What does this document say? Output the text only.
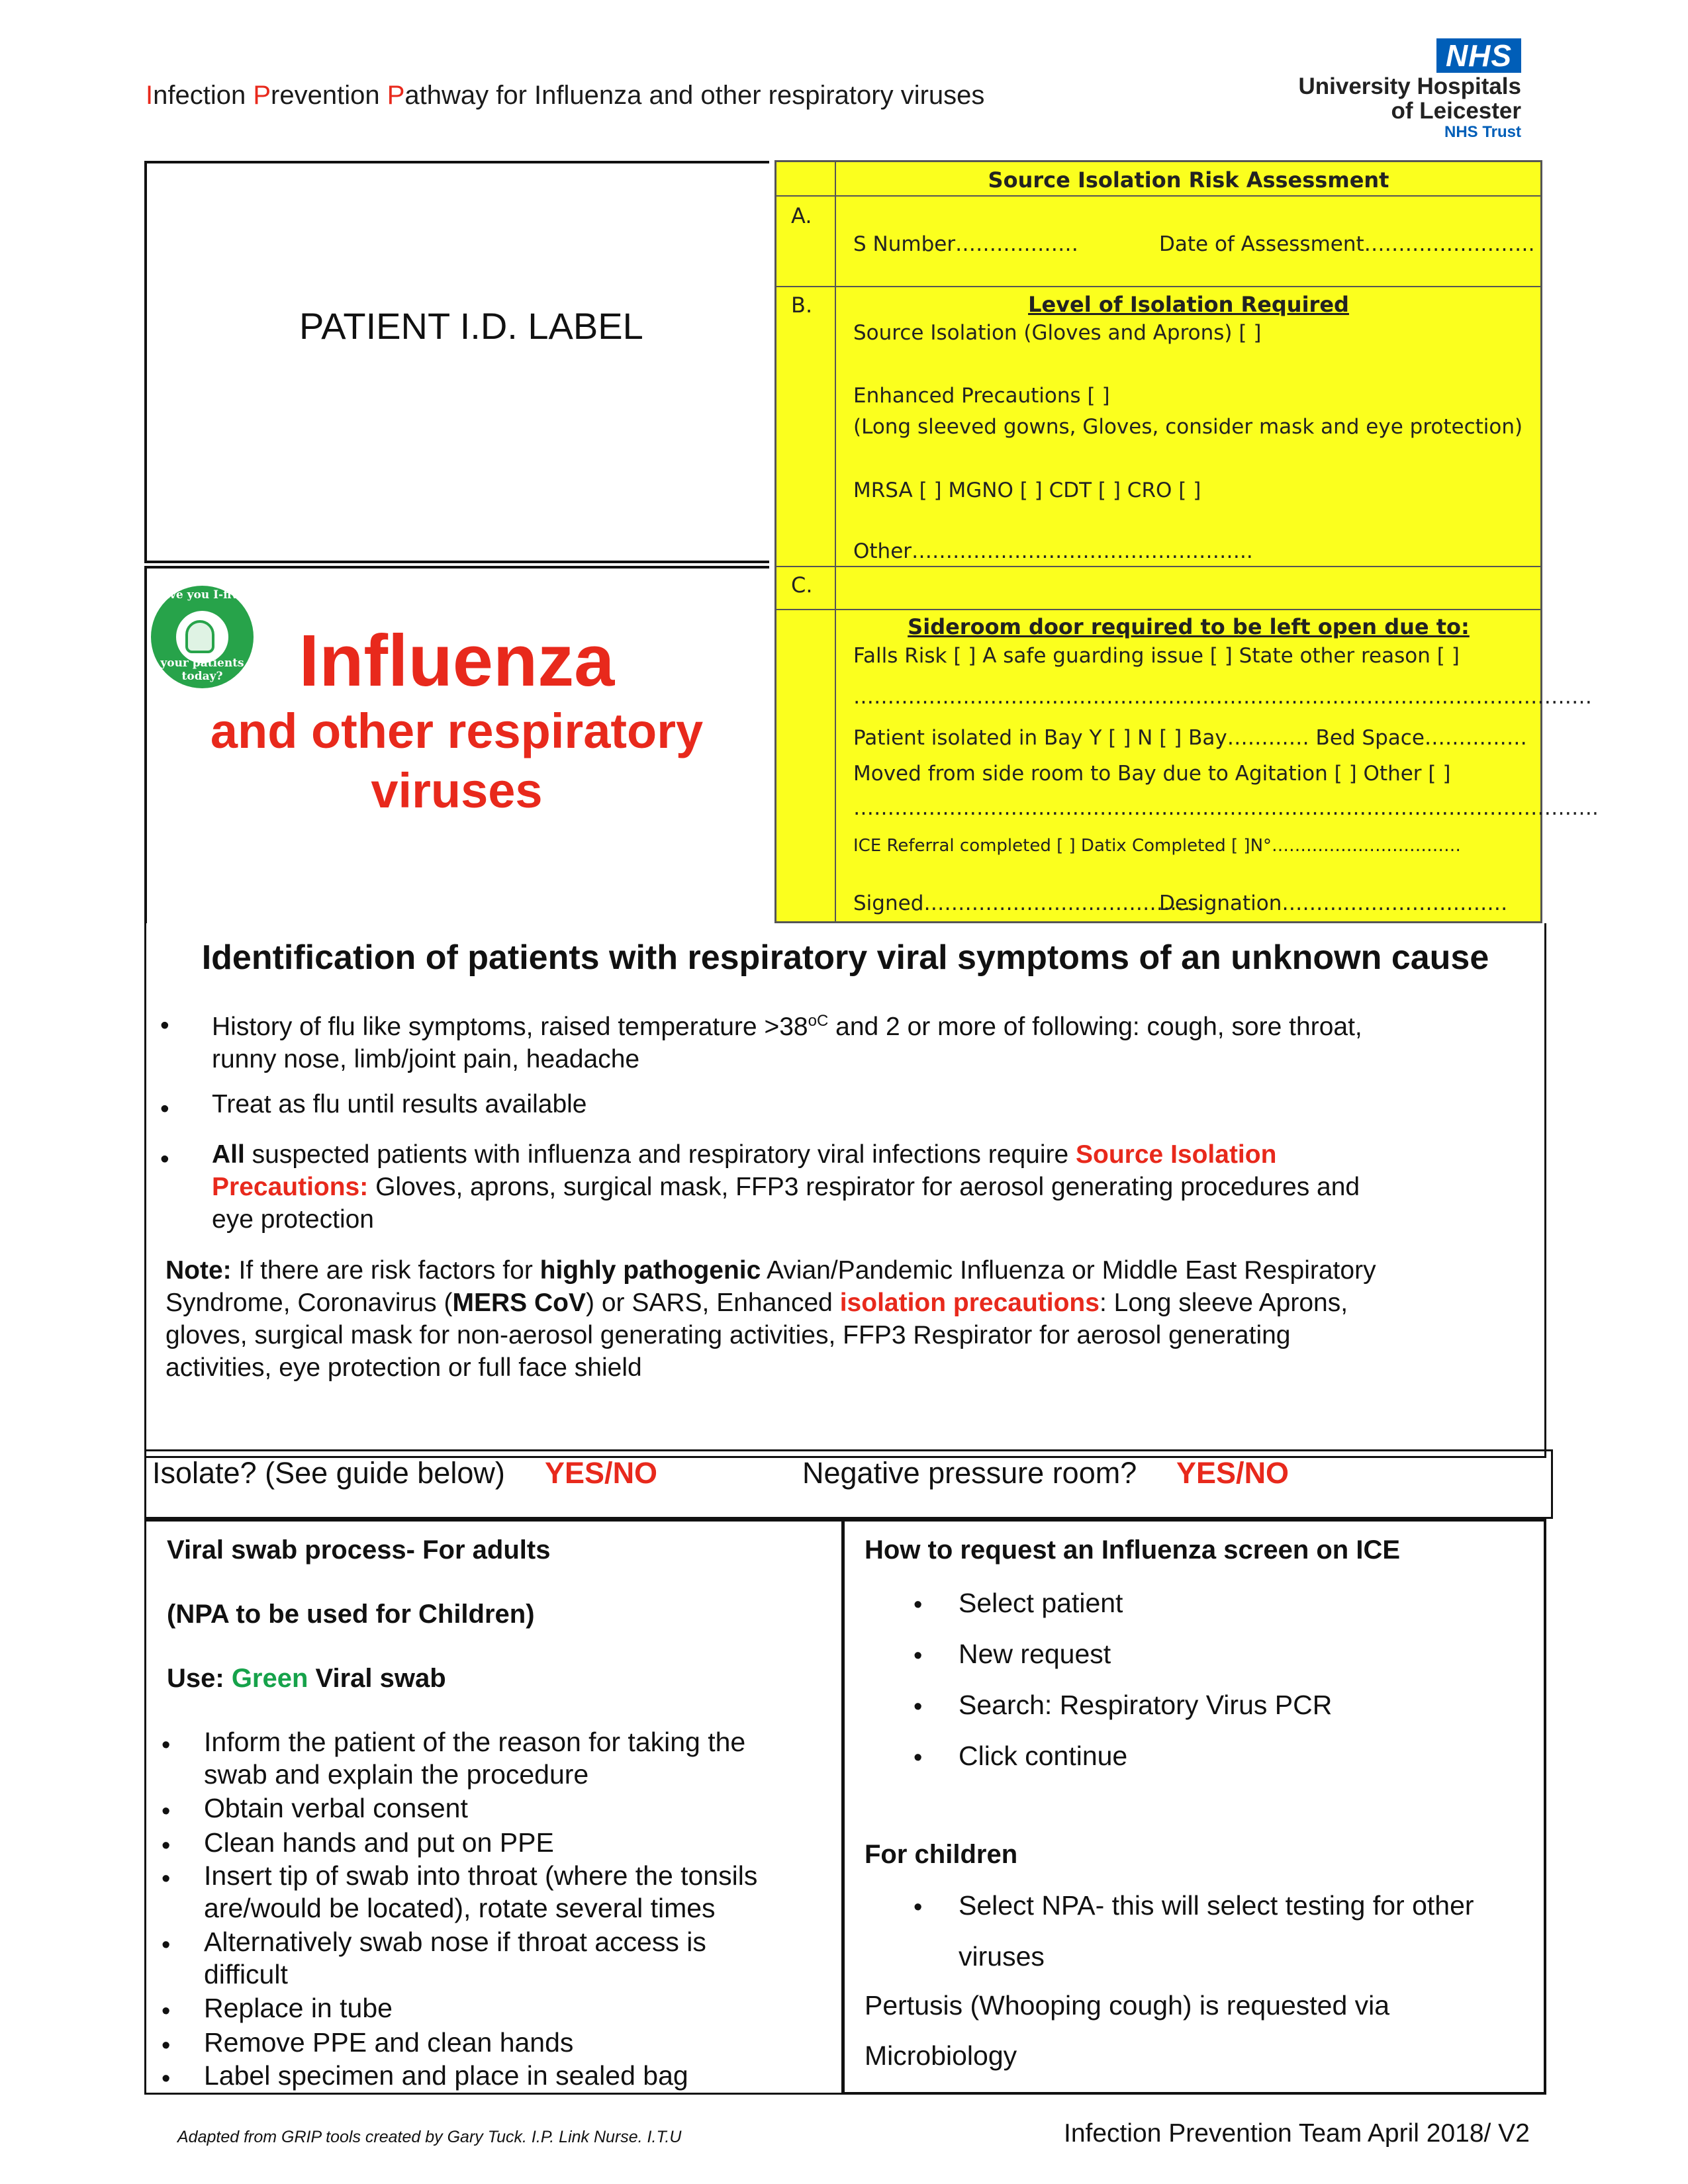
Infection Prevention Pathway for Influenza and other respiratory viruses
NHS
University Hospitals
of Leicester
NHS Trust
PATIENT I.D. LABEL
Have you I-fived
your patients today?	Influenza
and other respiratory
viruses
Source Isolation Risk Assessment
A.
S Number………………	Date of Assessment…………………….
B.	Level of Isolation Required
Source Isolation (Gloves and Aprons) [ ]
Enhanced Precautions [ ]
(Long sleeved gowns, Gloves, consider mask and eye protection)
MRSA [ ] MGNO [ ] CDT [ ] CRO [ ]
Other…………………………………………..
C.
Sideroom door required to be left open due to:
Falls Risk [ ] A safe guarding issue [ ] State other reason [ ]
………………………………………………………………………………………………
Patient isolated in Bay Y [ ] N [ ] Bay………… Bed Space……………
Moved from side room to Bay due to Agitation [ ] Other [ ]
……………………………………………………………………………………………….
ICE Referral completed [ ] Datix Completed [ ]N°……………………………
Signed…………………………………..
Designation……………………………
Identification of patients with respiratory viral symptoms of an unknown cause
• History of flu like symptoms, raised temperature $>38^{oC}$ and 2 or more of following: cough, sore throat,
runny nose, limb/joint pain, headache
• Treat as flu until results available
• All suspected patients with influenza and respiratory viral infections require Source Isolation
Precautions: Gloves, aprons, surgical mask, FFP3 respirator for aerosol generating procedures and
eye protection
Note: If there are risk factors for highly pathogenic Avian/Pandemic Influenza or Middle East Respiratory
Syndrome, Coronavirus (MERS CoV) or SARS, Enhanced isolation precautions: Long sleeve Aprons,
gloves, surgical mask for non-aerosol generating activities, FFP3 Respirator for aerosol generating
activities, eye protection or full face shield
Isolate? (See guide below) YES/NO	Negative pressure room? YES/NO
Viral swab process- For adults
(NPA to be used for Children)
Use: Green Viral swab
• Inform the patient of the reason for taking the
swab and explain the procedure
• Obtain verbal consent
• Clean hands and put on PPE
• Insert tip of swab into throat (where the tonsils
are/would be located), rotate several times
• Alternatively swab nose if throat access is
difficult
• Replace in tube
• Remove PPE and clean hands
• Label specimen and place in sealed bag
How to request an Influenza screen on ICE
• Select patient
• New request
• Search: Respiratory Virus PCR
• Click continue
For children
• Select NPA- this will select testing for other
viruses
Pertusis (Whooping cough) is requested via
Microbiology
Adapted from GRIP tools created by Gary Tuck. I.P. Link Nurse. I.T.U	Infection Prevention Team April 2018/ V2
